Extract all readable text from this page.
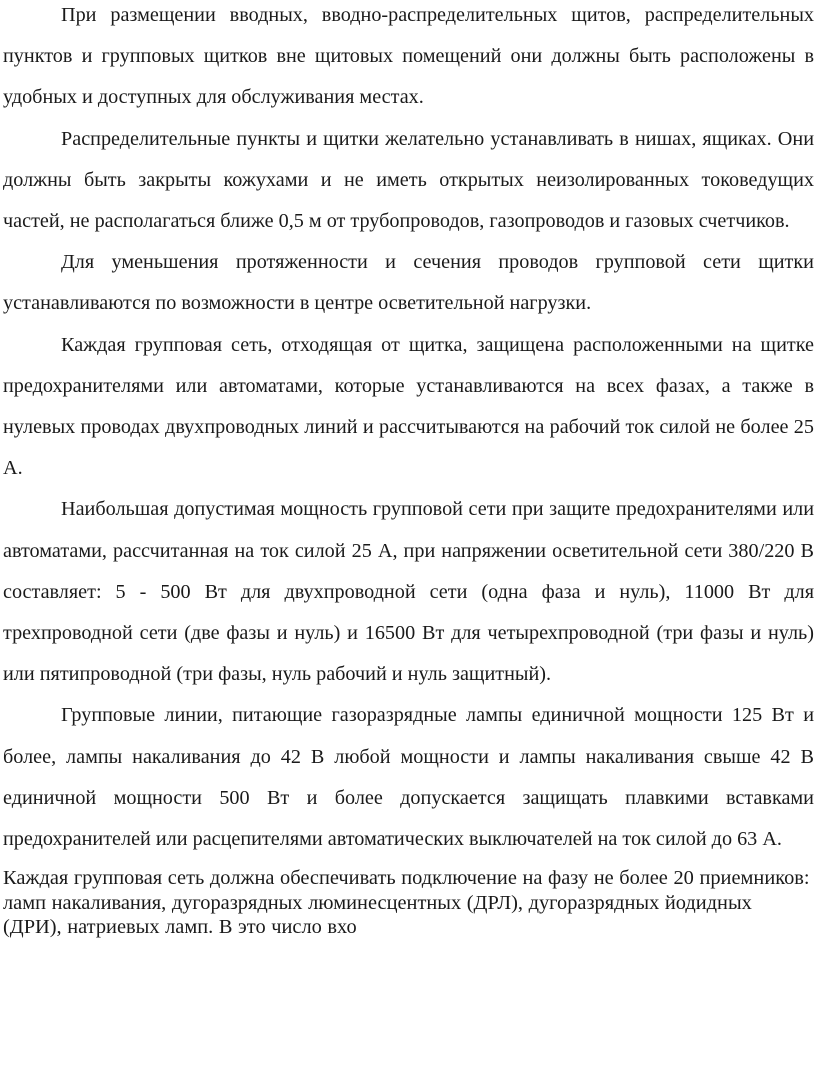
При размещении вводных, вводно-распределительных щитов, распределительных пунктов и групповых щитков вне щитовых помещений они должны быть расположены в удобных и доступных для обслуживания местах.

Распределительные пункты и щитки желательно устанавливать в нишах, ящиках. Они должны быть закрыты кожухами и не иметь открытых неизолированных токоведущих частей, не располагаться ближе 0,5 м от трубопроводов, газопроводов и газовых счетчиков.

Для уменьшения протяженности и сечения проводов групповой сети щитки устанавливаются по возможности в центре осветительной нагрузки.

Каждая групповая сеть, отходящая от щитка, защищена расположенными на щитке предохранителями или автоматами, которые устанавливаются на всех фазах, а также в нулевых проводах двухпроводных линий и рассчитываются на рабочий ток силой не более 25 А.

Наибольшая допустимая мощность групповой сети при защите предохранителями или автоматами, рассчитанная на ток силой 25 А, при напряжении осветительной сети 380/220 В составляет: 5 - 500 Вт для двухпроводной сети (одна фаза и нуль), 11000 Вт для трехпроводной сети (две фазы и нуль) и 16500 Вт для четырехпроводной (три фазы и нуль) или пятипроводной (три фазы, нуль рабочий и нуль защитный).

Групповые линии, питающие газоразрядные лампы единичной мощности 125 Вт и более, лампы накаливания до 42 В любой мощности и лампы накаливания свыше 42 В единичной мощности 500 Вт и более допускается защищать плавкими вставками предохранителей или расцепителями автоматических выключателей на ток силой до 63 А.

Каждая групповая сеть должна обеспечивать подключение на фазу не более 20 приемников: ламп накаливания, дугоразрядных люминесцентных (ДРЛ), дугоразрядных йодидных (ДРИ), натриевых ламп. В это число вхо
